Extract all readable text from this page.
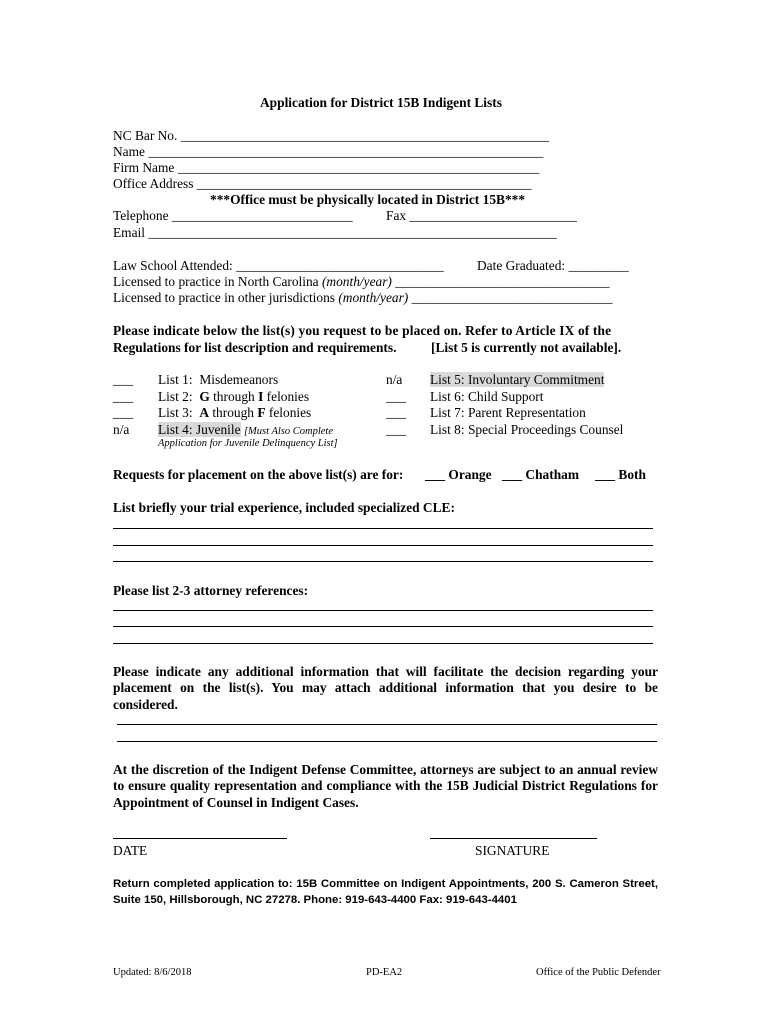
Application for District 15B Indigent Lists
NC Bar No. _______________________________________________________
Name ___________________________________________________________
Firm Name ______________________________________________________
Office Address __________________________________________________
***Office must be physically located in District 15B***
Telephone ___________________________ Fax _________________________
Email _____________________________________________________________
Law School Attended: _______________________________ Date Graduated: _________
Licensed to practice in North Carolina (month/year) ________________________________
Licensed to practice in other jurisdictions (month/year) ______________________________
Please indicate below the list(s) you request to be placed on. Refer to Article IX of the
Regulations for list description and requirements.	[List 5 is currently not available].
___ List 1: Misdemeanors
___ List 2: G through I felonies
___ List 3: A through F felonies
n/a List 4: Juvenile [Must Also Complete
Application for Juvenile Delinquency List]
n/a List 5: Involuntary Commitment
___ List 6: Child Support
___ List 7: Parent Representation
___ List 8: Special Proceedings Counsel
Requests for placement on the above list(s) are for: ___ Orange ___ Chatham ___ Both
List briefly your trial experience, included specialized CLE:
Please list 2-3 attorney references:
Please indicate any additional information that will facilitate the decision regarding your placement on the list(s). You may attach additional information that you desire to be considered.
At the discretion of the Indigent Defense Committee, attorneys are subject to an annual review to ensure quality representation and compliance with the 15B Judicial District Regulations for Appointment of Counsel in Indigent Cases.
DATE	SIGNATURE
Return completed application to: 15B Committee on Indigent Appointments, 200 S. Cameron Street, Suite 150, Hillsborough, NC 27278. Phone: 919-643-4400 Fax: 919-643-4401
Updated: 8/6/2018	PD-EA2	Office of the Public Defender
